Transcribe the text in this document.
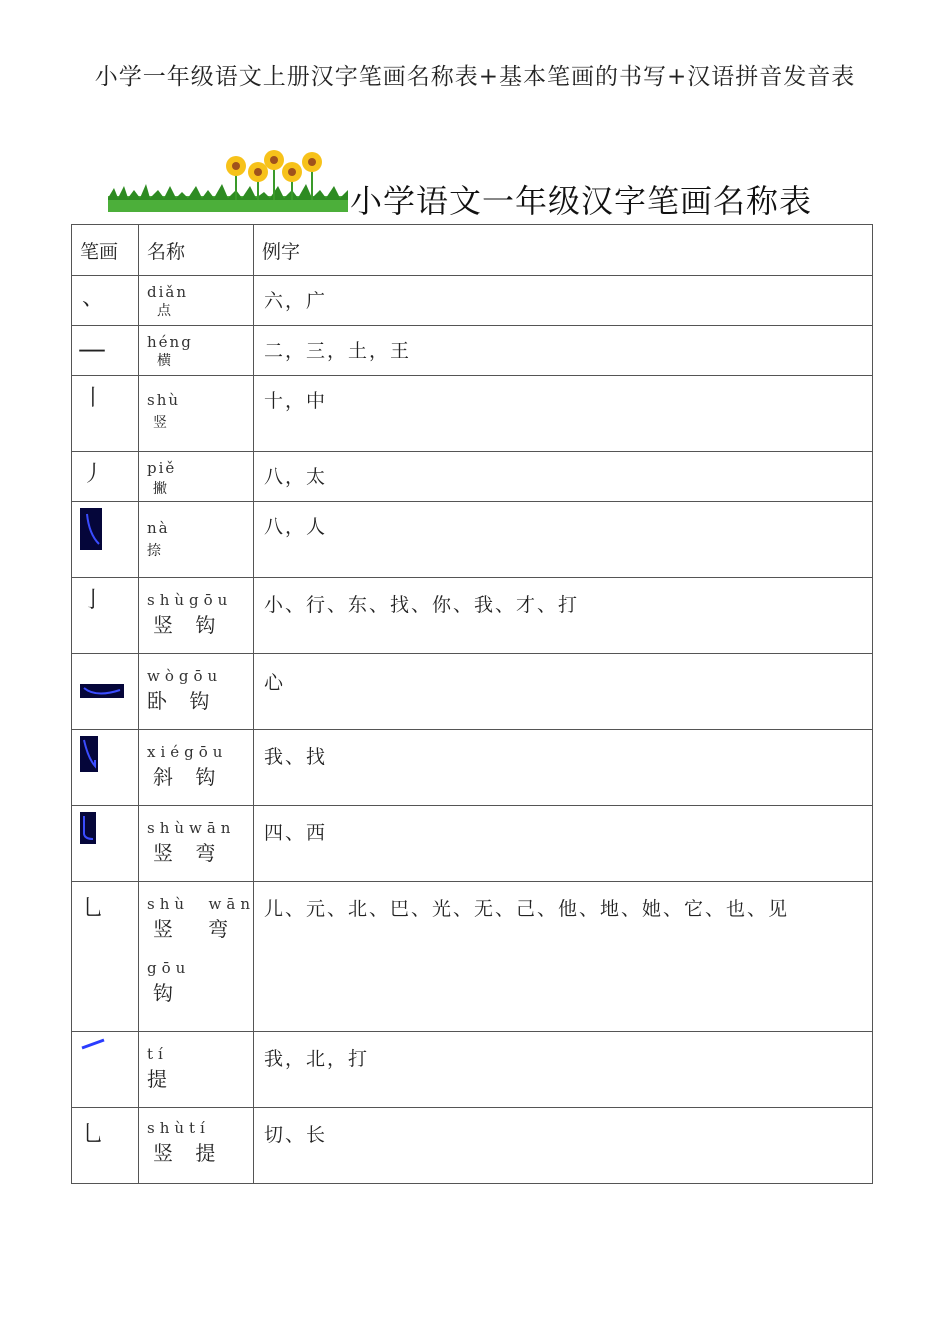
小学一年级语文上册汉字笔画名称表+基本笔画的书写+汉语拼音发音表
小学语文一年级汉字笔画名称表
笔画	名称	例字

、	diǎn
点	六，广

—	héng
横	二，三，土，王

丨	shù
竖	十，中

丿	piě
撇	八，太

nà
捺	八，人

亅	shùgōu
竖 钩	小、行、东、找、你、我、才、打

wògōu
卧 钩	心

xiégōu
斜 钩	我、找

shùwān
竖 弯	四、西

乚	shù  wān
竖   弯
gōu
钩	儿、元、北、巴、光、无、己、他、地、她、它、也、见

tí
提	我，北，打

乚	shùtí
竖 提	切、长
